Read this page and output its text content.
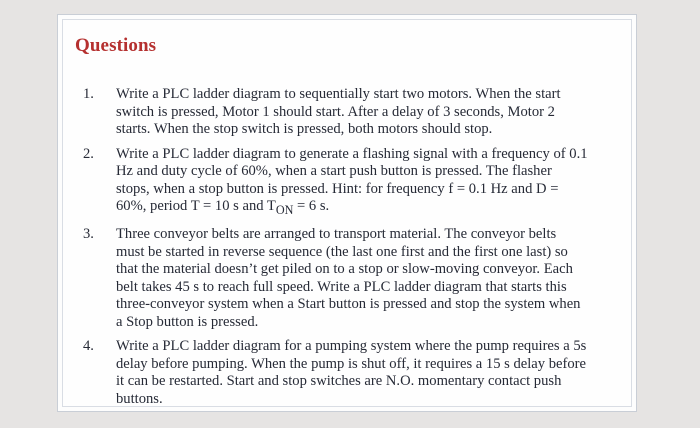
Questions
1. Write a PLC ladder diagram to sequentially start two motors. When the start switch is pressed, Motor 1 should start. After a delay of 3 seconds, Motor 2 starts. When the stop switch is pressed, both motors should stop.
2. Write a PLC ladder diagram to generate a flashing signal with a frequency of 0.1 Hz and duty cycle of 60%, when a start push button is pressed. The flasher stops, when a stop button is pressed. Hint: for frequency f = 0.1 Hz and D = 60%, period T = 10 s and $T_{ON} = 6$ s.
3. Three conveyor belts are arranged to transport material. The conveyor belts must be started in reverse sequence (the last one first and the first one last) so that the material doesn’t get piled on to a stop or slow-moving conveyor. Each belt takes 45 s to reach full speed. Write a PLC ladder diagram that starts this three-conveyor system when a Start button is pressed and stop the system when a Stop button is pressed.
4. Write a PLC ladder diagram for a pumping system where the pump requires a 5s delay before pumping. When the pump is shut off, it requires a 15 s delay before it can be restarted. Start and stop switches are N.O. momentary contact push buttons.
